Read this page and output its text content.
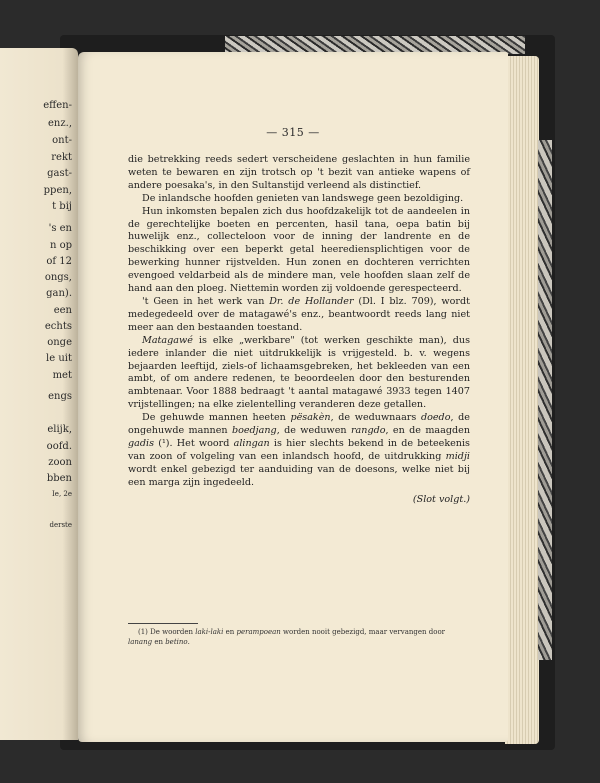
effen-
enz.,
ont-
rekt
gast-
ppen,
t bij
's en
n op
of 12
ongs,
gan).
een
echts
onge
le uit
met
engs
elijk,
oofd.
zoon
bben
Ie, 2e
derste
— 315 —

die betrekking reeds sedert verscheidene geslachten in hun familie weten te bewaren en zijn trotsch op 't bezit van antieke wapens of andere poesaka's, in den Sultanstijd verleend als distinctief.

De inlandsche hoofden genieten van landswege geen bezoldiging.

Hun inkomsten bepalen zich dus hoofdzakelijk tot de aandeelen in de gerechtelijke boeten en percenten, hasil tana, oepa batin bij huwelijk enz., collecteloon voor de inning der landrente en de beschikking over een beperkt getal heerediensplichtigen voor de bewerking hunner rijstvelden. Hun zonen en dochteren verrichten evengoed veldarbeid als de mindere man, vele hoofden slaan zelf de hand aan den ploeg. Niettemin worden zij voldoende gerespecteerd.

't Geen in het werk van Dr. de Hollander (Dl. I blz. 709), wordt medegedeeld over de matagawé's enz., beantwoordt reeds lang niet meer aan den bestaanden toestand.

Matagawé is elke „werkbare" (tot werken geschikte man), dus iedere inlander die niet uitdrukkelijk is vrijgesteld. b. v. wegens bejaarden leeftijd, ziels-of lichaamsgebreken, het bekleeden van een ambt, of om andere redenen, te beoordeelen door den besturenden ambtenaar. Voor 1888 bedraagt 't aantal matagawé 3933 tegen 1407 vrijstellingen; na elke zielentelling veranderen deze getallen.

De gehuwde mannen heeten pësakèn, de weduwnaars doedo, de ongehuwde mannen boedjang, de weduwen rangdo, en de maagden gadis (¹). Het woord alingan is hier slechts bekend in de beteekenis van zoon of volgeling van een inlandsch hoofd, de uitdrukking midji wordt enkel gebezigd ter aanduiding van de doesons, welke niet bij een marga zijn ingedeeld.

(Slot volgt.)
(1) De woorden laki-laki en perampoean worden nooit gebezigd, maar vervangen door lanang en betino.
